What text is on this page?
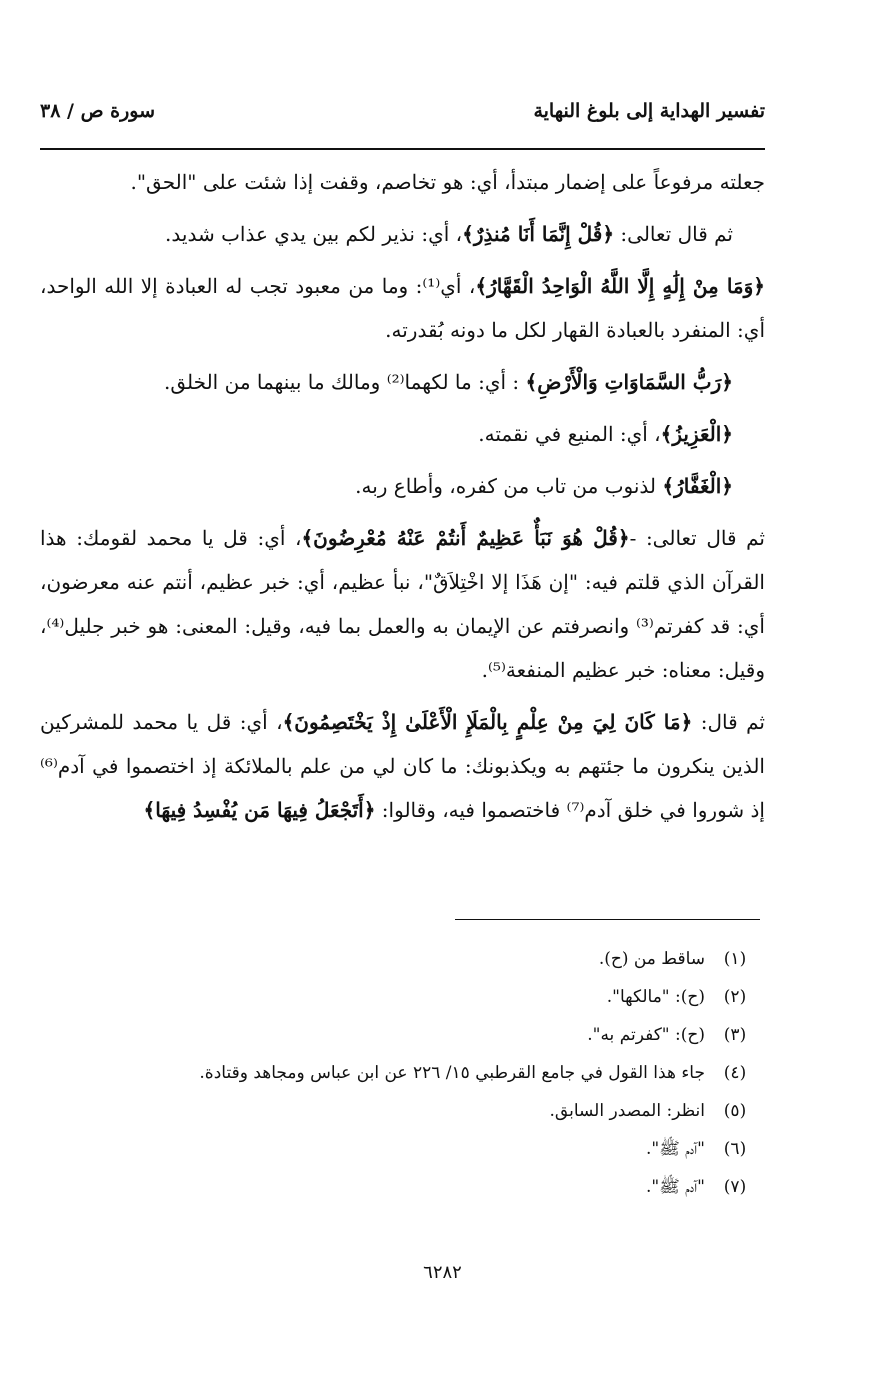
تفسير الهداية إلى بلوغ النهاية
سورة ص / ٣٨

جعلته مرفوعاً على إضمار مبتدأ، أي: هو تخاصم، وقفت إذا شئت على "الحق".

ثم قال تعالى: ﴿قُلْ إِنَّمَا أَنَا مُنذِرٌ﴾، أي: نذير لكم بين يدي عذاب شديد.

﴿وَمَا مِنْ إِلَٰهٍ إِلَّا اللَّهُ الْوَاحِدُ الْقَهَّارُ﴾، أي⁽¹⁾: وما من معبود تجب له العبادة إلا الله الواحد، أي: المنفرد بالعبادة القهار لكل ما دونه بُقدرته.

﴿رَبُّ السَّمَاوَاتِ وَالْأَرْضِ﴾ : أي: ما لكهما⁽²⁾ ومالك ما بينهما من الخلق.

﴿الْعَزِيزُ﴾، أي: المنيع في نقمته.

﴿الْغَفَّارُ﴾ لذنوب من تاب من كفره، وأطاع ربه.

ثم قال تعالى: -﴿قُلْ هُوَ نَبَأٌ عَظِيمٌ أَنتُمْ عَنْهُ مُعْرِضُونَ﴾، أي: قل يا محمد لقومك: هذا القرآن الذي قلتم فيه: "إن هَذَا إلا اخْتِلاَقٌ"، نبأ عظيم، أي: خبر عظيم، أنتم عنه معرضون، أي: قد كفرتم⁽³⁾ وانصرفتم عن الإيمان به والعمل بما فيه، وقيل: المعنى: هو خبر جليل⁽⁴⁾، وقيل: معناه: خبر عظيم المنفعة⁽⁵⁾.

ثم قال: ﴿مَا كَانَ لِيَ مِنْ عِلْمٍ بِالْمَلَإِ الْأَعْلَىٰ إِذْ يَخْتَصِمُونَ﴾، أي: قل يا محمد للمشركين الذين ينكرون ما جئتهم به ويكذبونك: ما كان لي من علم بالملائكة إذ اختصموا في آدم⁽⁶⁾ إذ شوروا في خلق آدم⁽⁷⁾ فاختصموا فيه، وقالوا: ﴿أَتَجْعَلُ فِيهَا مَن يُفْسِدُ فِيهَا﴾

(١)
ساقط من (ح).
(٢)
(ح): "مالكها".
(٣)
(ح): "كفرتم به".
(٤)
جاء هذا القول في جامع القرطبي ١٥/ ٢٢٦ عن ابن عباس ومجاهد وقتادة.
(٥)
انظر: المصدر السابق.
(٦)
"آدم ﷺ".
(٧)
"آدم ﷺ".
٦٢٨٢
